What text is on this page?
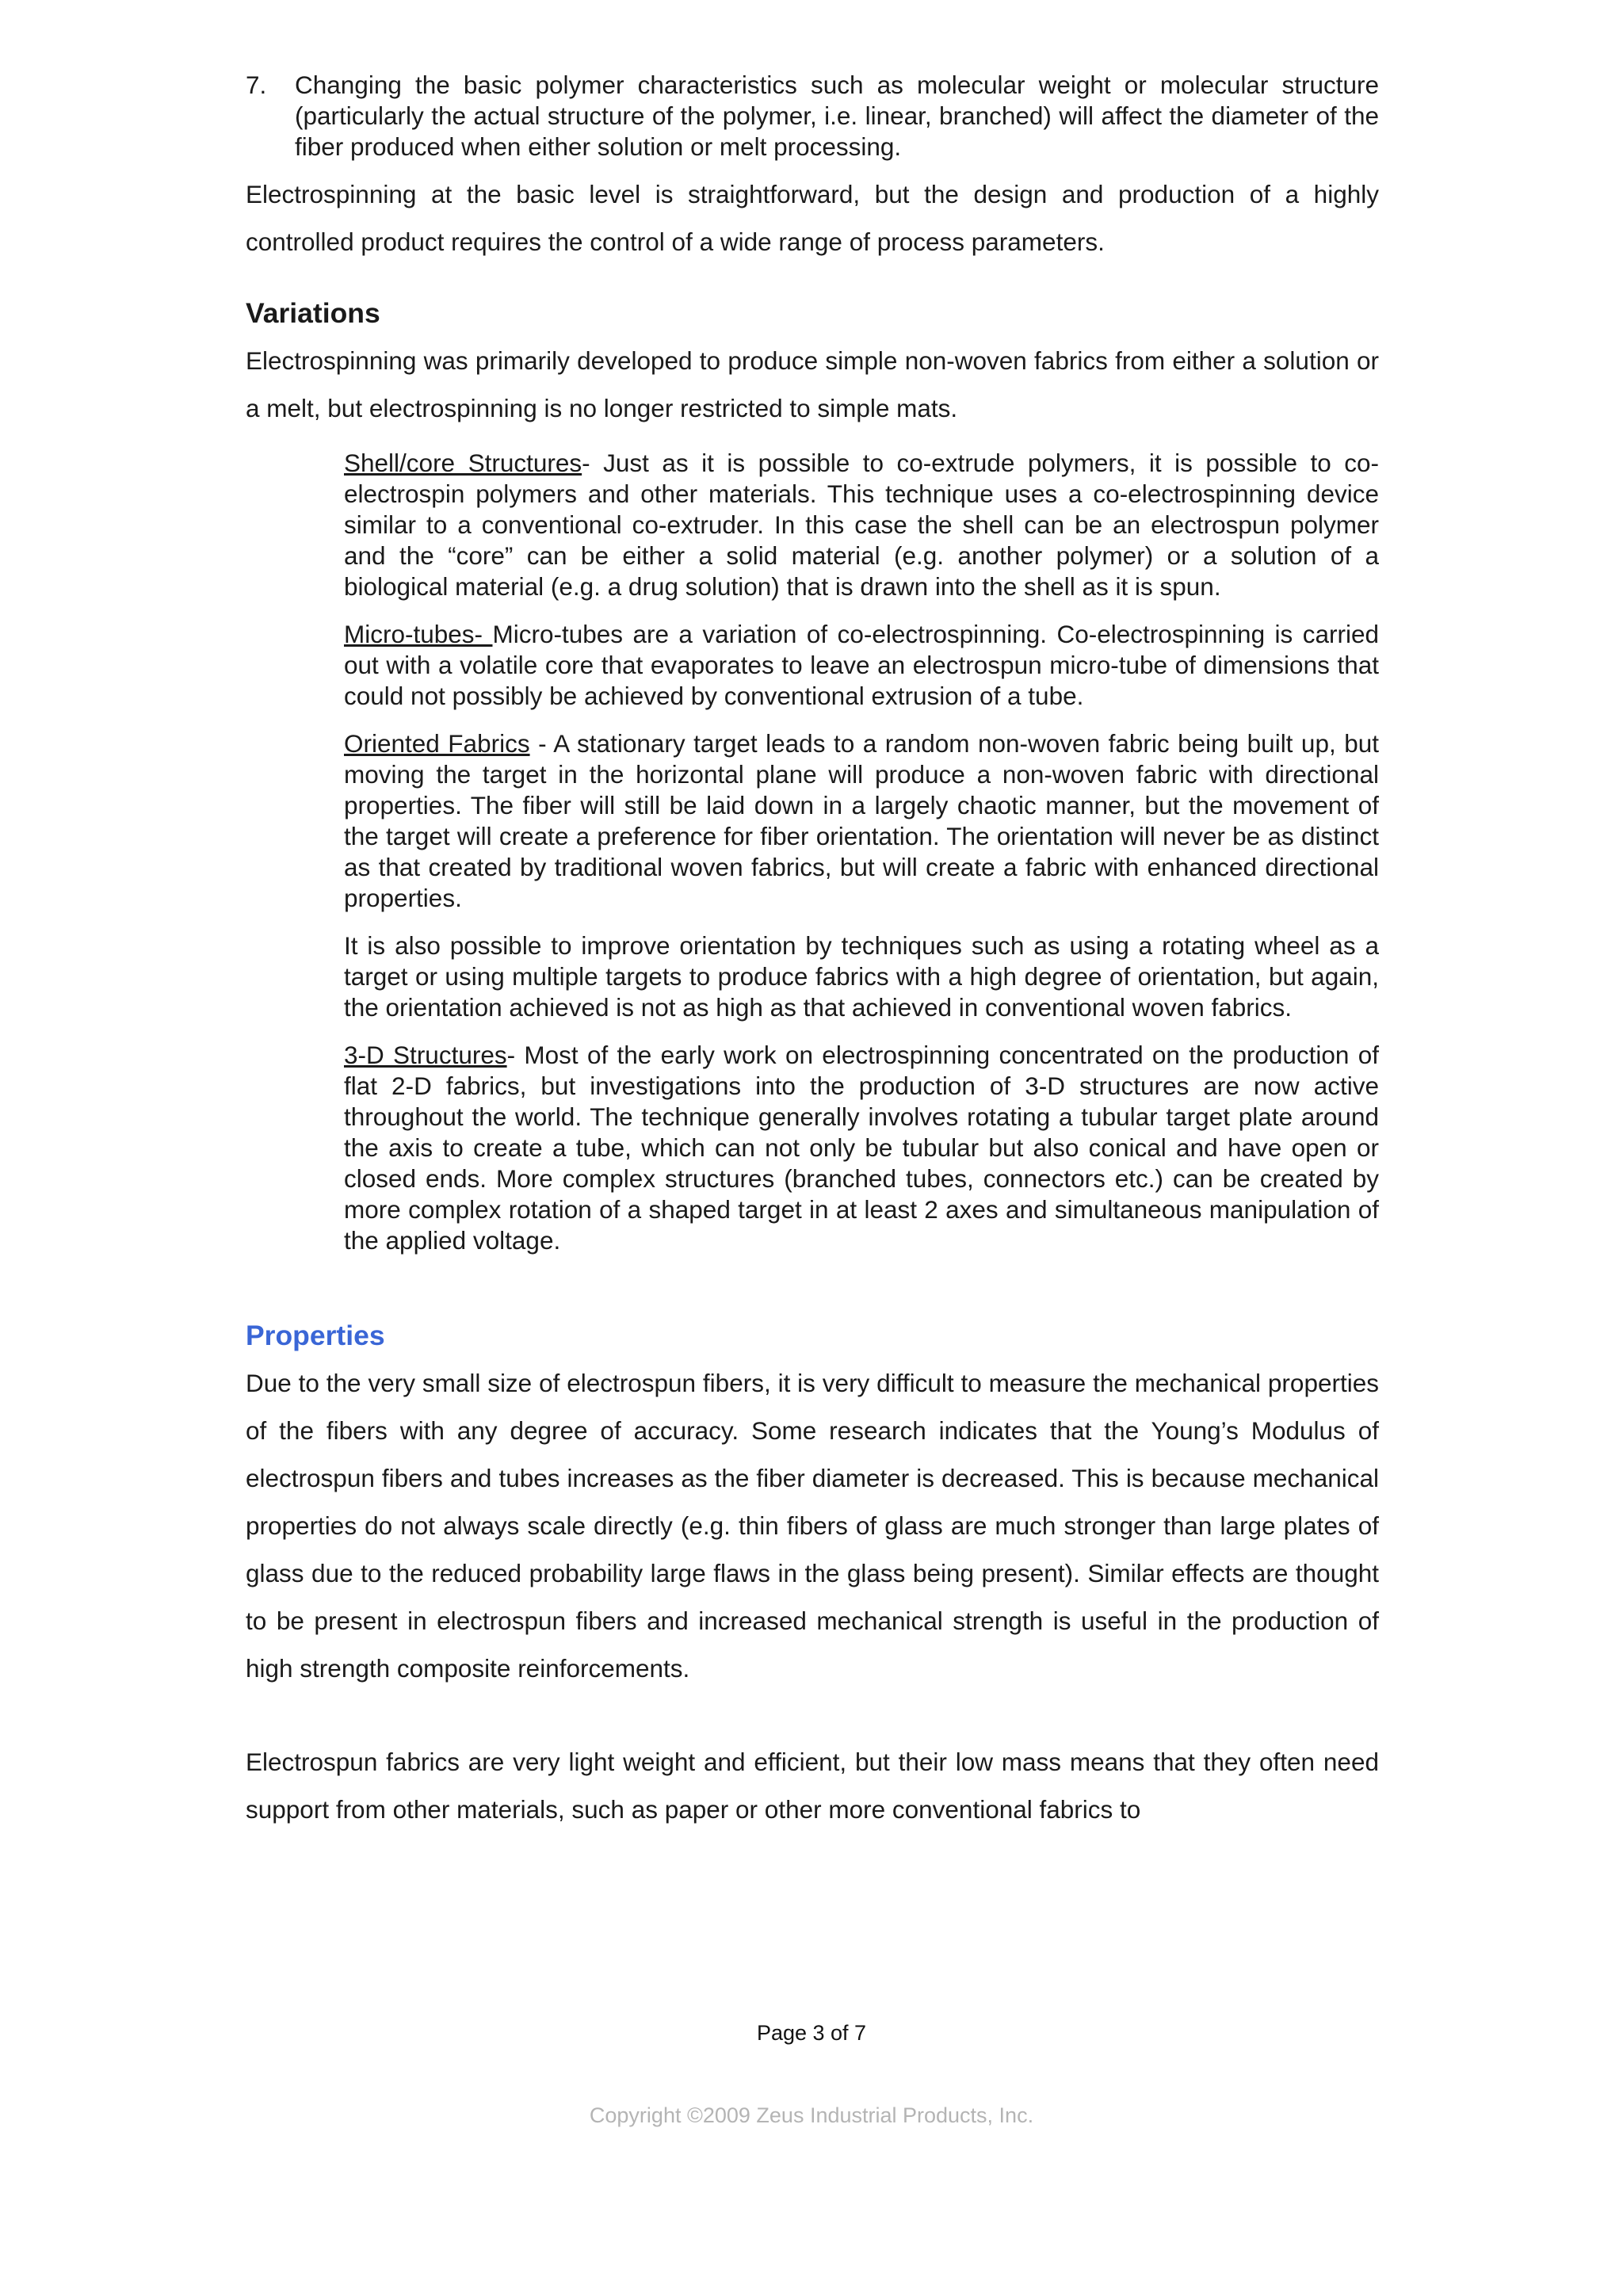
7. Changing the basic polymer characteristics such as molecular weight or molecular structure (particularly the actual structure of the polymer, i.e. linear, branched) will affect the diameter of the fiber produced when either solution or melt processing.

Electrospinning at the basic level is straightforward, but the design and production of a highly controlled product requires the control of a wide range of process parameters.

Variations

Electrospinning was primarily developed to produce simple non-woven fabrics from either a solution or a melt, but electrospinning is no longer restricted to simple mats.

Shell/core Structures- Just as it is possible to co-extrude polymers, it is possible to co-electrospin polymers and other materials. This technique uses a co-electrospinning device similar to a conventional co-extruder. In this case the shell can be an electrospun polymer and the “core” can be either a solid material (e.g. another polymer) or a solution of a biological material (e.g. a drug solution) that is drawn into the shell as it is spun.

Micro-tubes- Micro-tubes are a variation of co-electrospinning. Co-electrospinning is carried out with a volatile core that evaporates to leave an electrospun micro-tube of dimensions that could not possibly be achieved by conventional extrusion of a tube.

Oriented Fabrics - A stationary target leads to a random non-woven fabric being built up, but moving the target in the horizontal plane will produce a non-woven fabric with directional properties. The fiber will still be laid down in a largely chaotic manner, but the movement of the target will create a preference for fiber orientation. The orientation will never be as distinct as that created by traditional woven fabrics, but will create a fabric with enhanced directional properties.

It is also possible to improve orientation by techniques such as using a rotating wheel as a target or using multiple targets to produce fabrics with a high degree of orientation, but again, the orientation achieved is not as high as that achieved in conventional woven fabrics.

3-D Structures- Most of the early work on electrospinning concentrated on the production of flat 2-D fabrics, but investigations into the production of 3-D structures are now active throughout the world. The technique generally involves rotating a tubular target plate around the axis to create a tube, which can not only be tubular but also conical and have open or closed ends. More complex structures (branched tubes, connectors etc.) can be created by more complex rotation of a shaped target in at least 2 axes and simultaneous manipulation of the applied voltage.

Properties

Due to the very small size of electrospun fibers, it is very difficult to measure the mechanical properties of the fibers with any degree of accuracy. Some research indicates that the Young’s Modulus of electrospun fibers and tubes increases as the fiber diameter is decreased. This is because mechanical properties do not always scale directly (e.g. thin fibers of glass are much stronger than large plates of glass due to the reduced probability large flaws in the glass being present). Similar effects are thought to be present in electrospun fibers and increased mechanical strength is useful in the production of high strength composite reinforcements.

Electrospun fabrics are very light weight and efficient, but their low mass means that they often need support from other materials, such as paper or other more conventional fabrics to

Page 3 of 7
Copyright ©2009 Zeus Industrial Products, Inc.
